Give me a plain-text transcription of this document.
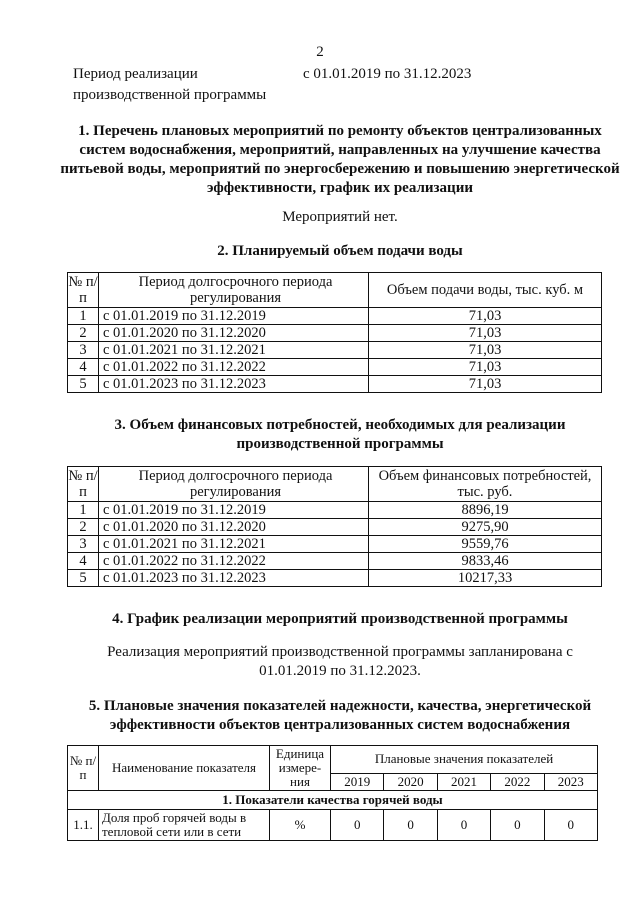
2
Период реализации производственной программы
с 01.01.2019 по 31.12.2023
1. Перечень плановых мероприятий по ремонту объектов централизованных систем водоснабжения, мероприятий, направленных на улучшение качества питьевой воды, мероприятий по энергосбережению и повышению энергетической эффективности, график их реализации
Мероприятий нет.
2. Планируемый объем подачи воды
№ п/п	Период долгосрочного периода регулирования	Объем подачи воды, тыс. куб. м
1	с 01.01.2019 по 31.12.2019	71,03
2	с 01.01.2020 по 31.12.2020	71,03
3	с 01.01.2021 по 31.12.2021	71,03
4	с 01.01.2022 по 31.12.2022	71,03
5	с 01.01.2023 по 31.12.2023	71,03
3. Объем финансовых потребностей, необходимых для реализации производственной программы
№ п/п	Период долгосрочного периода регулирования	Объем финансовых потребностей, тыс. руб.
1	с 01.01.2019 по 31.12.2019	8896,19
2	с 01.01.2020 по 31.12.2020	9275,90
3	с 01.01.2021 по 31.12.2021	9559,76
4	с 01.01.2022 по 31.12.2022	9833,46
5	с 01.01.2023 по 31.12.2023	10217,33
4. График реализации мероприятий производственной программы
Реализация мероприятий производственной программы запланирована с 01.01.2019 по 31.12.2023.
5. Плановые значения показателей надежности, качества, энергетической эффективности объектов централизованных систем водоснабжения
№ п/п	Наименование показателя	Единица измере-ния	Плановые значения показателей				
			2019	2020	2021	2022	2023
1. Показатели качества горячей воды							
1.1.	Доля проб горячей воды в тепловой сети или в сети	%	0	0	0	0	0
